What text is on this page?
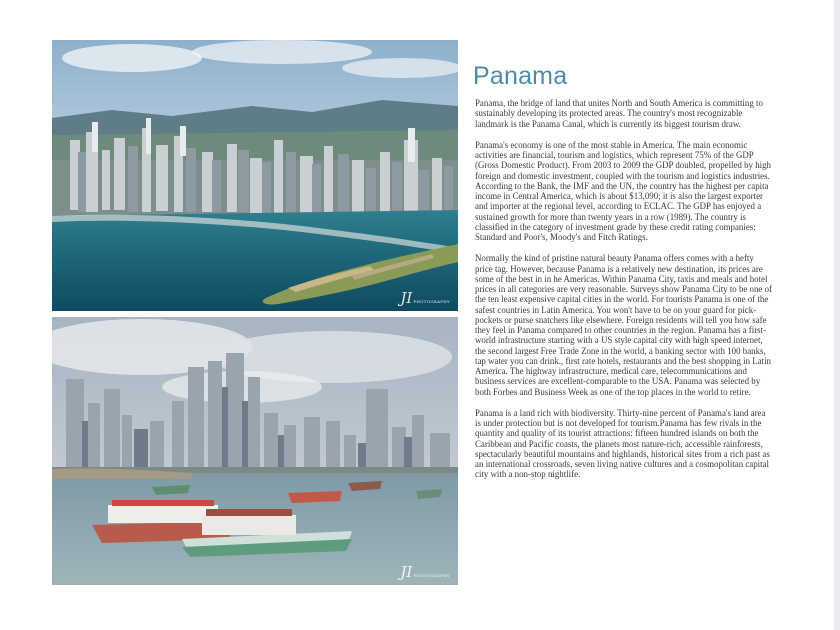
JIPHOTOGRAPHY
JIPHOTOGRAPHY
Panama

Panama, the bridge of land that unites North and South America is committing to sustainably developing its protected areas. The country's most recognizable landmark is the Panama Canal, which is currently its biggest tourism draw.

Panama's economy is one of the most stable in America. The main economic activities are financial, tourism and logistics, which represent 75% of the GDP (Gross Domestic Product). From 2003 to 2009 the GDP doubled, propelled by high foreign and domestic investment, coupled with the tourism and logistics industries. According to the Bank, the IMF and the UN, the country has the highest per capita income in Central America, which is about $13,090; it is also the largest exporter and importer at the regional level, according to ECLAC. The GDP has enjoyed a sustained growth for more than twenty years in a row (1989). The country is classified in the category of investment grade by these credit rating companies: Standard and Poor's, Moody's and Fitch Ratings.

Normally the kind of pristine natural beauty Panama offers comes with a hefty price tag. However, because Panama is a relatively new destination, its prices are some of the best in in he Americas. Within Panama City, taxis and meals and hotel prices in all categories are very reasonable. Surveys show Panama City to be one of the ten least expensive capital cities in the world. For tourists Panama is one of the safest countries in Latin America. You won't have to be on your guard for pick-pockets or purse snatchers like elsewhere. Foreign residents will tell you how safe they feel in Panama compared to other countries in the region. Panama has a first-world infrastructure starting with a US style capital city with high speed internet, the second largest Free Trade Zone in the world, a banking sector with 100 banks, tap water you can drink., first rate hotels, restaurants and the best shopping in Latin America. The highway infrastructure, medical care, telecommunications and business services are excellent-comparable to the USA. Panama was selected by both Forbes and Business Week as one of the top places in the world to retire.

Panama is a land rich with biodiversity. Thirty-nine percent of Panama's land area is under protection but is not developed for tourism.Panama has few rivals in the quantity and quality of its tourist attractions: fifteen hundred islands on both the Caribbean and Pacific coasts, the planets most nature-rich, accessible rainforests, spectacularly beautiful mountains and highlands, historical sites from a rich past as an international crossroads, seven living native cultures and a cosmopolitan capital city with a non-stop nightlife.
